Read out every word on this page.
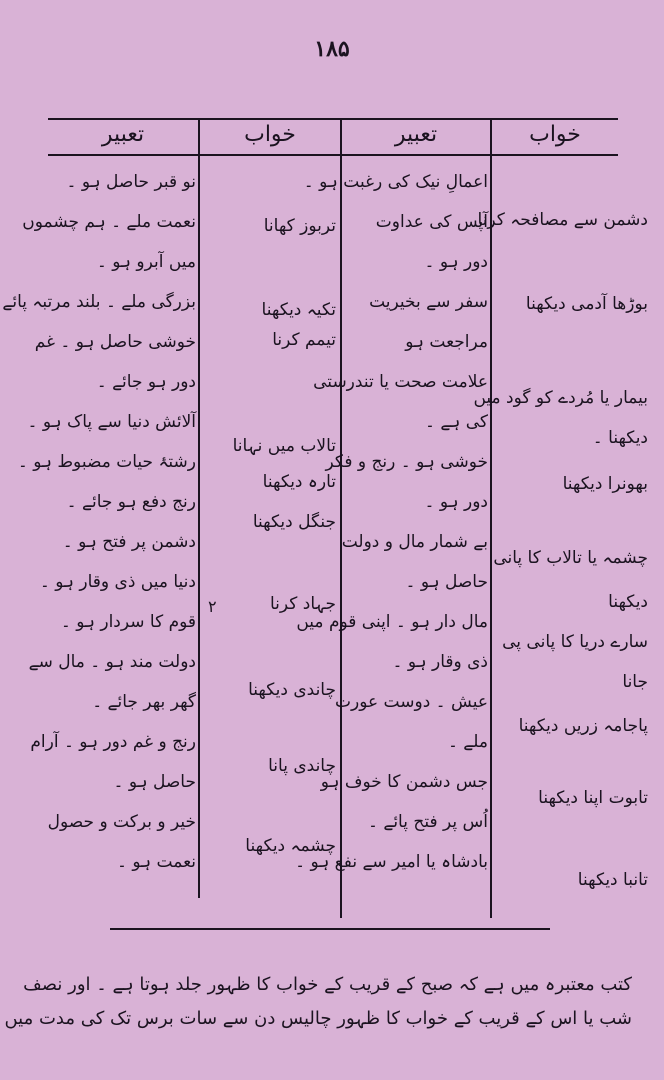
۱۸۵
خواب
تعبیر
خواب
تعبیر
دشمن سے مصافحہ کرنا
بوڑھا آدمی دیکھنا
بیمار یا مُردے کو گود میں
دیکھنا ۔
بھونرا دیکھنا
چشمہ یا تالاب کا پانی
دیکھنا
سارے دریا کا پانی پی
جانا
پاجامہ زریں دیکھنا
تابوت اپنا دیکھنا
تانبا دیکھنا
اعمالِ نیک کی رغبت ہو ۔
آپس کی عداوت
دور ہو ۔
سفر سے بخیریت
مراجعت ہو
علامت صحت یا تندرستی
کی ہے ۔
خوشی ہو ۔ رنج و فکر
دور ہو ۔
بے شمار مال و دولت
حاصل ہو ۔
مال دار ہو ۔ اپنی قوم میں
ذی وقار ہو ۔
عیش ۔ دوست عورت
ملے ۔
جس دشمن کا خوف ہو
اُس پر فتح پائے ۔
بادشاہ یا امیر سے نفع ہو ۔
تربوز کھانا
تکیہ دیکھنا
تیمم کرنا
تالاب میں نہانا
تارہ دیکھنا
جنگل دیکھنا
جہاد کرنا
چاندی دیکھنا
چاندی پانا
چشمہ دیکھنا
نو قبر حاصل ہو ۔
نعمت ملے ۔ ہم چشموں
میں آبرو ہو ۔
بزرگی ملے ۔ بلند مرتبہ پائے
خوشی حاصل ہو ۔ غم
دور ہو جائے ۔
آلائش دنیا سے پاک ہو ۔
رشتۂ حیات مضبوط ہو ۔
رنج دفع ہو جائے ۔
دشمن پر فتح ہو ۔
دنیا میں ذی وقار ہو ۔
قوم کا سردار ہو ۔
دولت مند ہو ۔ مال سے
گھر بھر جائے ۔
رنج و غم دور ہو ۔ آرام
حاصل ہو ۔
خیر و برکت و حصول
نعمت ہو ۔
۲
کتب معتبرہ میں ہے کہ صبح کے قریب کے خواب کا ظہور جلد ہوتا ہے ۔ اور نصف
شب یا اس کے قریب کے خواب کا ظہور چالیس دن سے سات برس تک کی مدت میں
